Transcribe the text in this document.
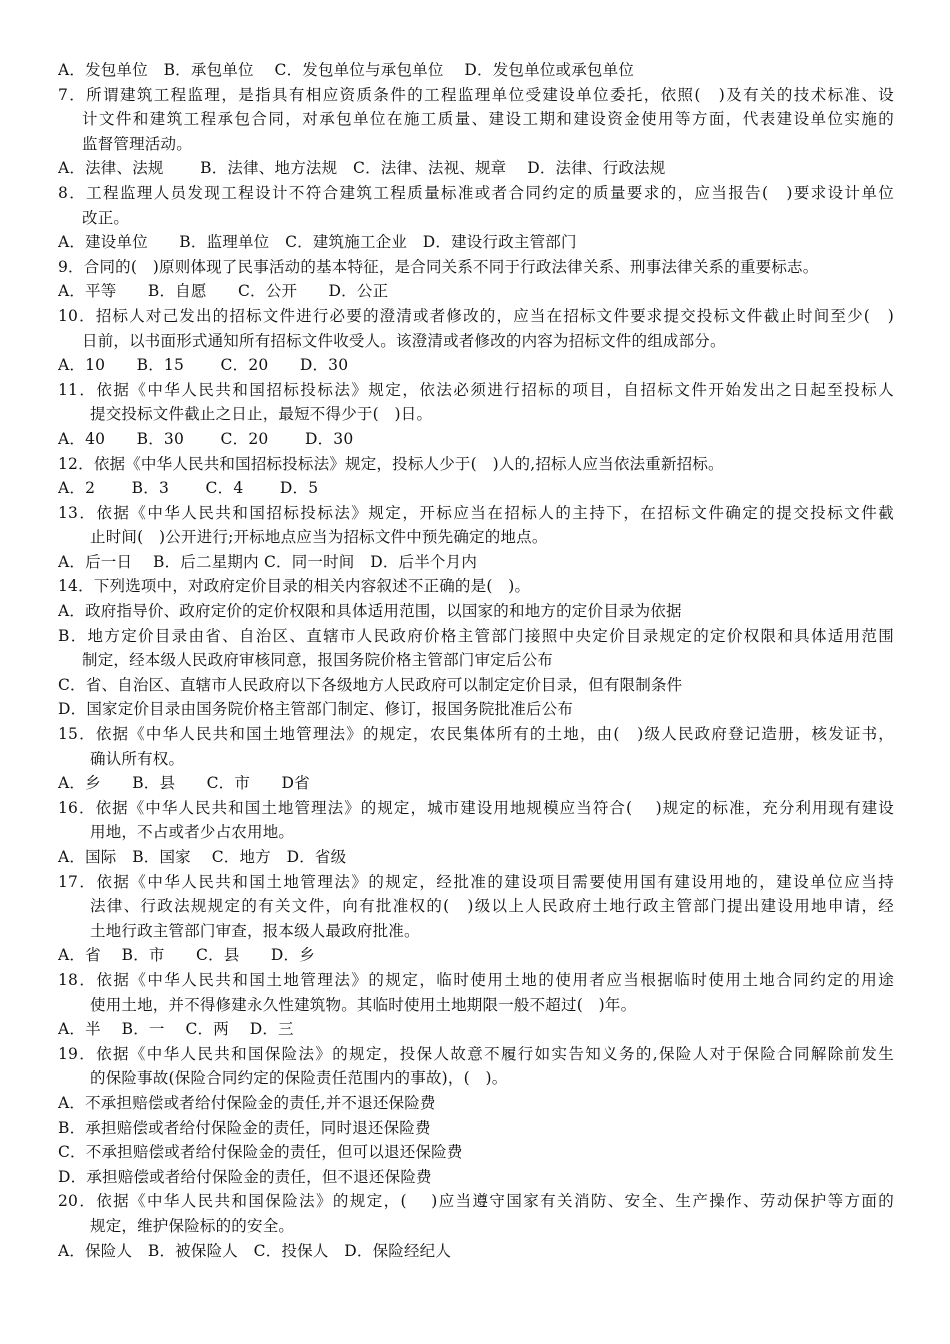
A．发包单位　B．承包单位　 C．发包单位与承包单位　 D．发包单位或承包单位
7．所谓建筑工程监理，是指具有相应资质条件的工程监理单位受建设单位委托，依照(　)及有关的技术标准、设
计文件和建筑工程承包合同，对承包单位在施工质量、建设工期和建设资金使用等方面，代表建设单位实施的
监督管理活动。
A．法律、法规　　 B．法律、地方法规　C．法律、法视、规章　 D．法律、行政法规
8．工程监理人员发现工程设计不符合建筑工程质量标准或者合同约定的质量要求的，应当报告(　)要求设计单位
改正。
A．建设单位　　B．监理单位　C．建筑施工企业　D．建设行政主管部门
9．合同的(　)原则体现了民事活动的基本特征，是合同关系不同于行政法律关系、刑事法律关系的重要标志。
A．平等　　B．自愿　　C．公开　　D．公正
10．招标人对己发出的招标文件进行必要的澄清或者修改的，应当在招标文件要求提交投标文件截止时间至少(　)
日前，以书面形式通知所有招标文件收受人。该澄清或者修改的内容为招标文件的组成部分。
A．10　　B．15　　 C．20　　D．30
11．依据《中华人民共和国招标投标法》规定，依法必须进行招标的项目，自招标文件开始发出之日起至投标人
提交投标文件截止之日止，最短不得少于(　)日。
A．40　　B．30　　 C．20　　 D．30
12．依据《中华人民共和国招标投标法》规定，投标人少于(　)人的,招标人应当依法重新招标。
A．2　　 B．3　　 C．4　　 D．5
13．依据《中华人民共和国招标投标法》规定，开标应当在招标人的主持下，在招标文件确定的提交投标文件截
止时间(　)公开进行;开标地点应当为招标文件中预先确定的地点。
A．后一日　 B．后二星期内 C．同一时间　D．后半个月内
14．下列选项中，对政府定价目录的相关内容叙述不正确的是(　)。
A．政府指导价、政府定价的定价权限和具体适用范围，以国家的和地方的定价目录为依据
B．地方定价目录由省、自治区、直辖市人民政府价格主管部门接照中央定价目录规定的定价权限和具体适用范围
制定，经本级人民政府审核同意，报国务院价格主管部门审定后公布
C．省、自治区、直辖市人民政府以下各级地方人民政府可以制定定价目录，但有限制条件
D．国家定价目录由国务院价格主管部门制定、修订，报国务院批准后公布
15．依据《中华人民共和国土地管理法》的规定，农民集体所有的土地，由(　)级人民政府登记造册，核发证书，
确认所有权。
A．乡　　B．县　　C．市　　D省
16．依据《中华人民共和国土地管理法》的规定，城市建设用地规模应当符合(　 )规定的标准，充分利用现有建设
用地，不占或者少占农用地。
A．国际　B．国家　 C．地方　D．省级
17．依据《中华人民共和国土地管理法》的规定，经批准的建设项目需要使用国有建设用地的，建设单位应当持
法律、行政法规规定的有关文件，向有批准权的(　)级以上人民政府土地行政主管部门提出建设用地申请，经
土地行政主管部门审查，报本级人最政府批准。
A．省　 B．市　　C．县　　D．乡
18．依据《中华人民共和国土地管理法》的规定，临时使用土地的使用者应当根据临时使用土地合同约定的用途
使用土地，并不得修建永久性建筑物。其临时使用土地期限一般不超过(　)年。
A．半　 B．一　 C．两　 D．三
19．依据《中华人民共和国保险法》的规定，投保人故意不履行如实告知义务的,保险人对于保险合同解除前发生
的保险事故(保险合同约定的保险责任范围内的事故)，(　)。
A．不承担赔偿或者给付保险金的责任,并不退还保险费
B．承担赔偿或者给付保险金的责任，同时退还保险费
C．不承担赔偿或者给付保险金的责任，但可以退还保险费
D．承担赔偿或者给付保险金的责任，但不退还保险费
20．依据《中华人民共和国保险法》的规定，(　 )应当遵守国家有关消防、安全、生产操作、劳动保护等方面的
规定，维护保险标的的安全。
A．保险人　B．被保险人　C．投保人　D．保险经纪人
